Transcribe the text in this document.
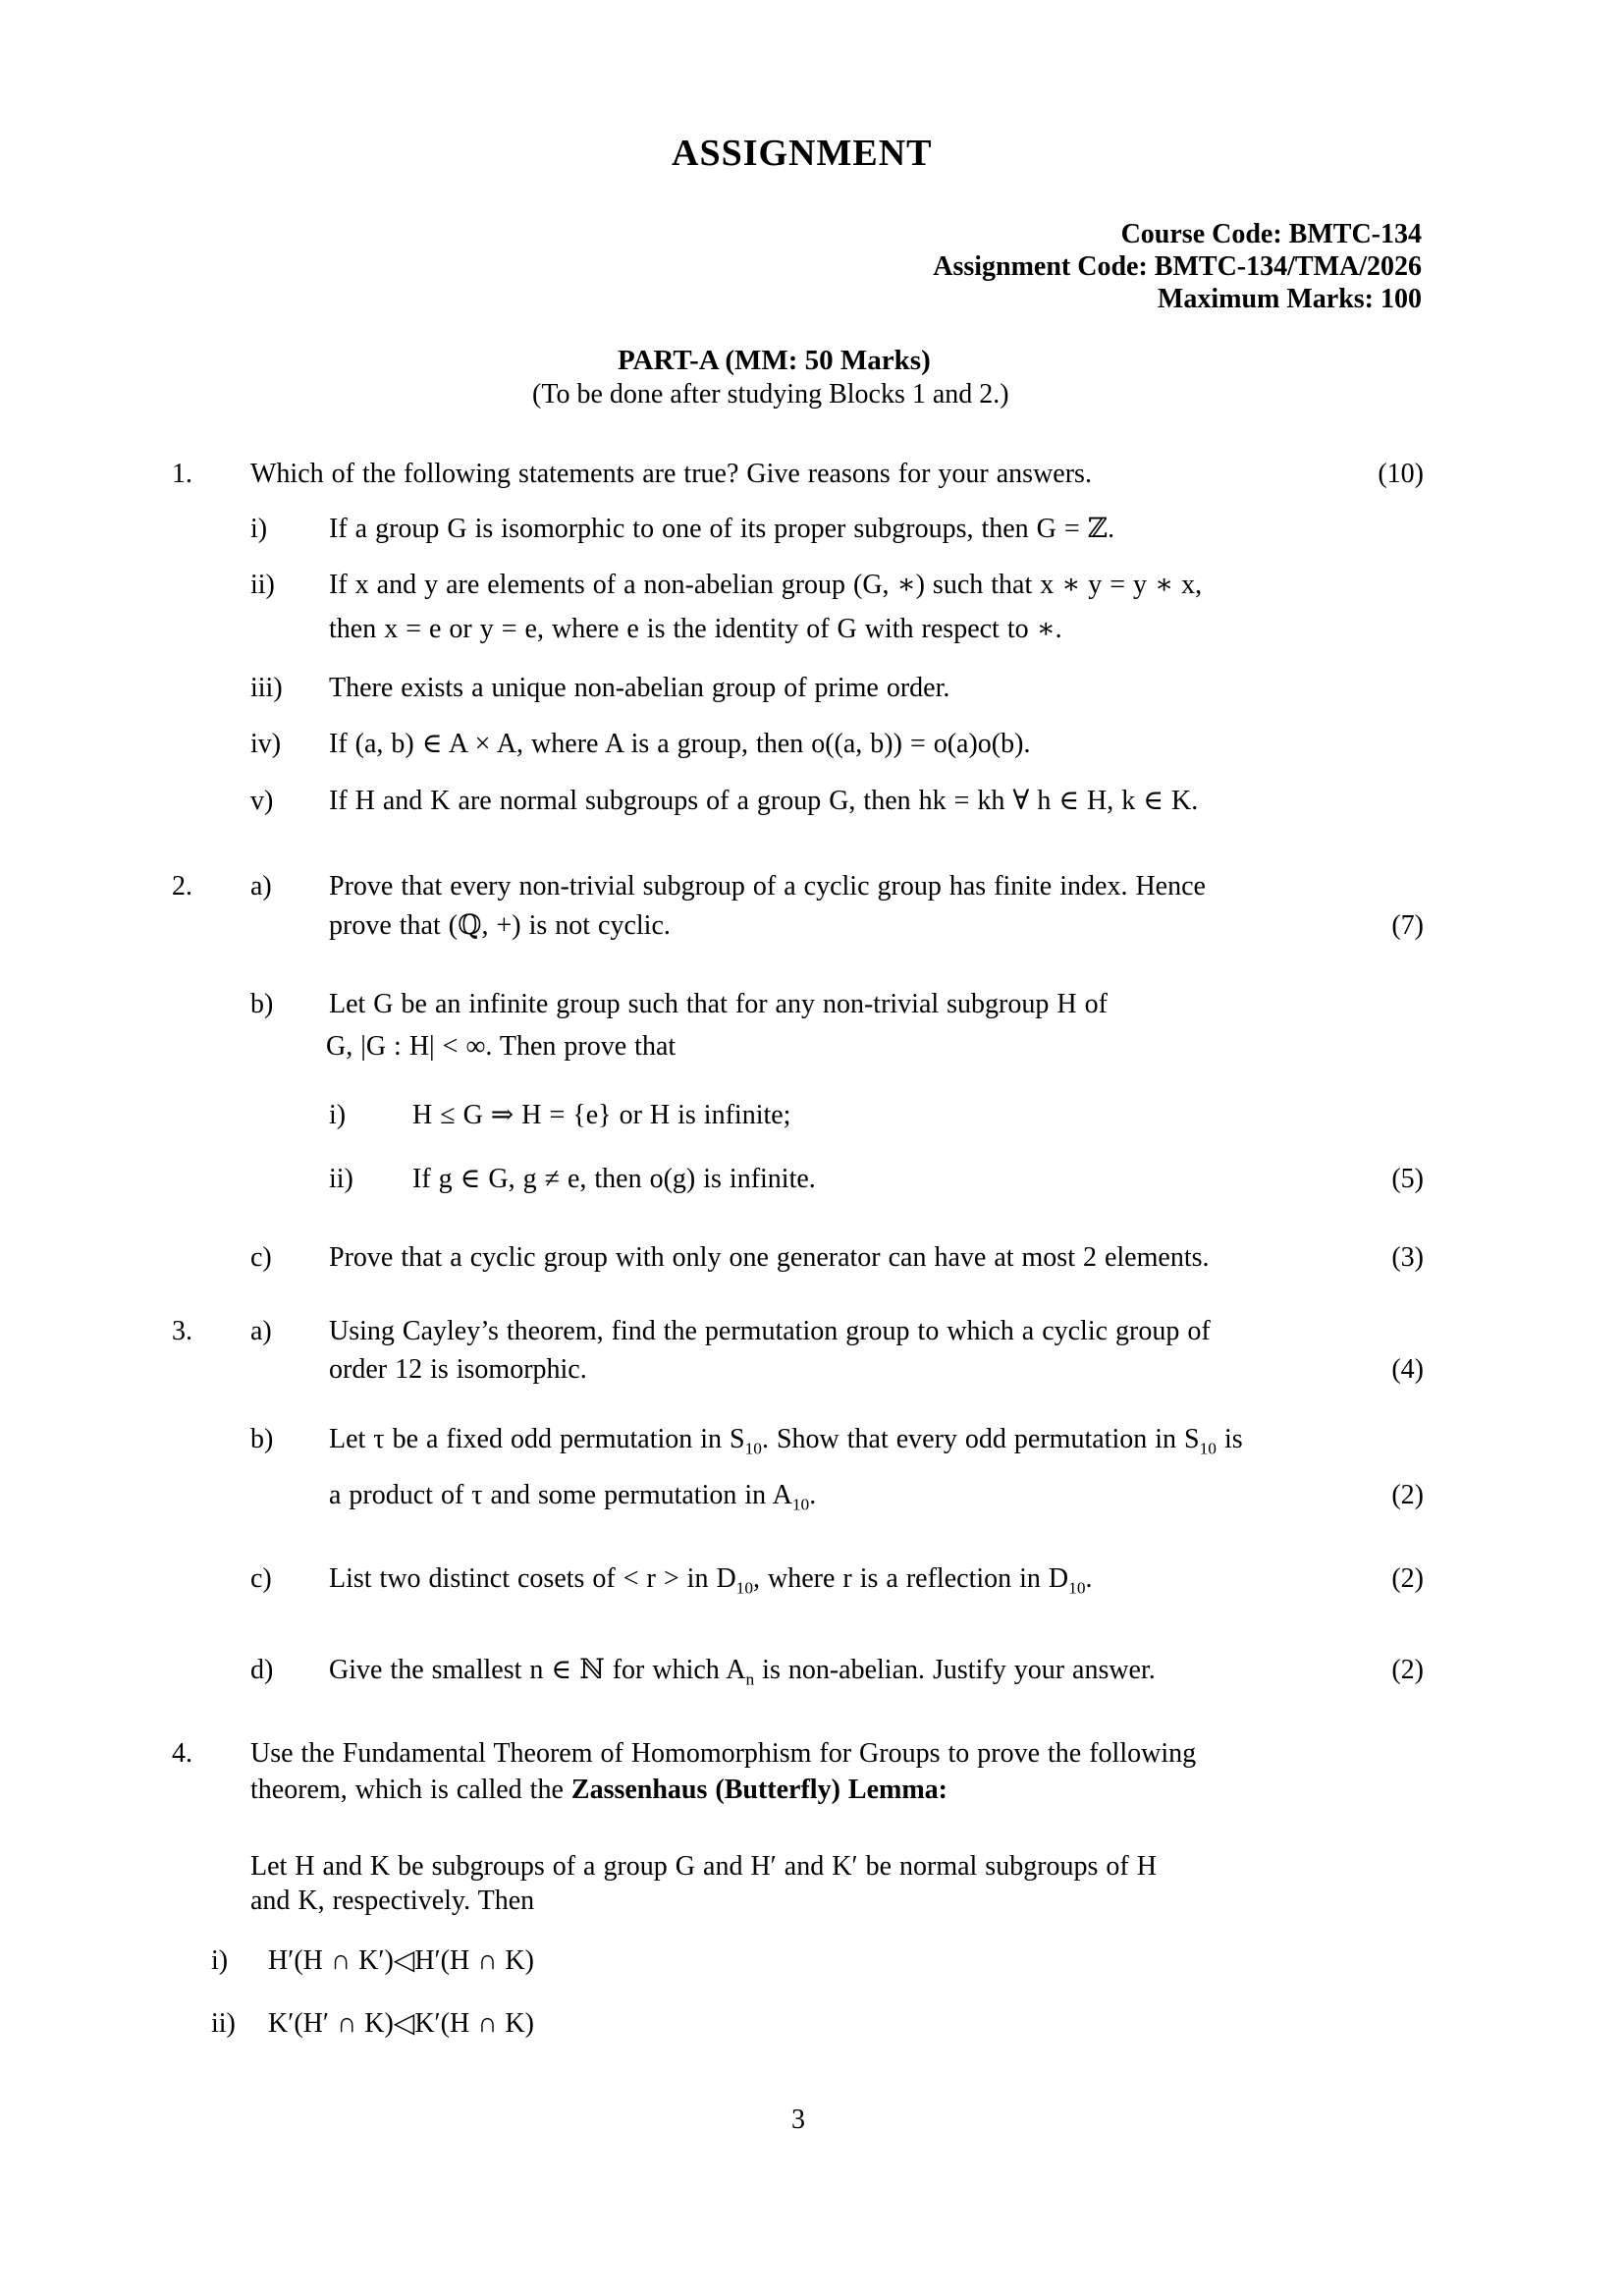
ASSIGNMENT
Course Code: BMTC-134
Assignment Code: BMTC-134/TMA/2026
Maximum Marks: 100
PART-A (MM: 50 Marks)
(To be done after studying Blocks 1 and 2.)
1. Which of the following statements are true? Give reasons for your answers.	(10)
i) If a group G is isomorphic to one of its proper subgroups, then G = ℤ.
ii) If x and y are elements of a non-abelian group (G, ∗) such that x ∗ y = y ∗ x,
then x = e or y = e, where e is the identity of G with respect to ∗.
iii) There exists a unique non-abelian group of prime order.
iv) If (a, b) ∈ A × A, where A is a group, then o((a, b)) = o(a)o(b).
v) If H and K are normal subgroups of a group G, then hk = kh ∀ h ∈ H, k ∈ K.
2. a) Prove that every non-trivial subgroup of a cyclic group has finite index. Hence
prove that (ℚ, +) is not cyclic.	(7)
b) Let G be an infinite group such that for any non-trivial subgroup H of
G, |G : H| < ∞. Then prove that
i) H ≤ G ⇒ H = {e} or H is infinite;
ii) If g ∈ G, g ≠ e, then o(g) is infinite.	(5)
c) Prove that a cyclic group with only one generator can have at most 2 elements.	(3)
3. a) Using Cayley’s theorem, find the permutation group to which a cyclic group of
order 12 is isomorphic.	(4)
b) Let τ be a fixed odd permutation in $S_{10}$. Show that every odd permutation in $S_{10}$ is
a product of τ and some permutation in $A_{10}$.	(2)
c) List two distinct cosets of < r > in $D_{10}$, where r is a reflection in $D_{10}$.	(2)
d) Give the smallest n ∈ ℕ for which $A_n$ is non-abelian. Justify your answer.	(2)
4. Use the Fundamental Theorem of Homomorphism for Groups to prove the following
theorem, which is called the Zassenhaus (Butterfly) Lemma:
Let H and K be subgroups of a group G and H′ and K′ be normal subgroups of H
and K, respectively. Then
i) H′(H ∩ K′)◁H′(H ∩ K)
ii) K′(H′ ∩ K)◁K′(H ∩ K)
3
